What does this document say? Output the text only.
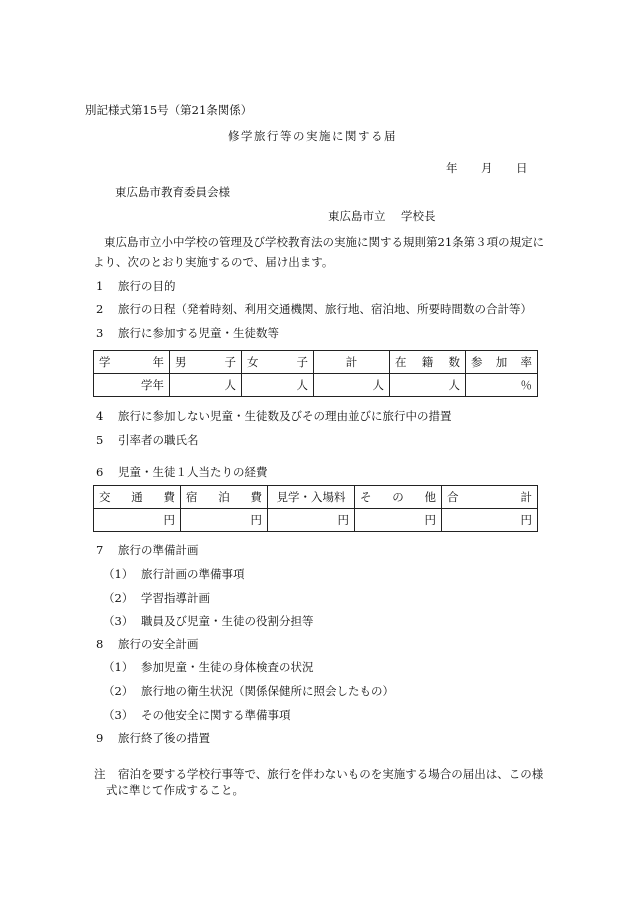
別記様式第15号（第21条関係）
修学旅行等の実施に関する届
年 月 日
東広島市教育委員会様
東広島市立 学校長
東広島市立小中学校の管理及び学校教育法の実施に関する規則第21条第３項の規定に
より、次のとおり実施するので、届け出ます。
1 旅行の目的
2 旅行の日程（発着時刻、利用交通機関、旅行地、宿泊地、所要時間数の合計等）
3 旅行に参加する児童・生徒数等
学年	男子	女子	計	在籍数	参加率
学年	人	人	人	人	％
4 旅行に参加しない児童・生徒数及びその理由並びに旅行中の措置
5 引率者の職氏名
6 児童・生徒１人当たりの経費
交通費	宿泊費	見学・入場料	その他	合計
円	円	円	円	円
7 旅行の準備計画
（1） 旅行計画の準備事項
（2） 学習指導計画
（3） 職員及び児童・生徒の役割分担等
8 旅行の安全計画
（1） 参加児童・生徒の身体検査の状況
（2） 旅行地の衛生状況（関係保健所に照会したもの）
（3） その他安全に関する準備事項
9 旅行終了後の措置
注 宿泊を要する学校行事等で、旅行を伴わないものを実施する場合の届出は、この様
式に準じて作成すること。
